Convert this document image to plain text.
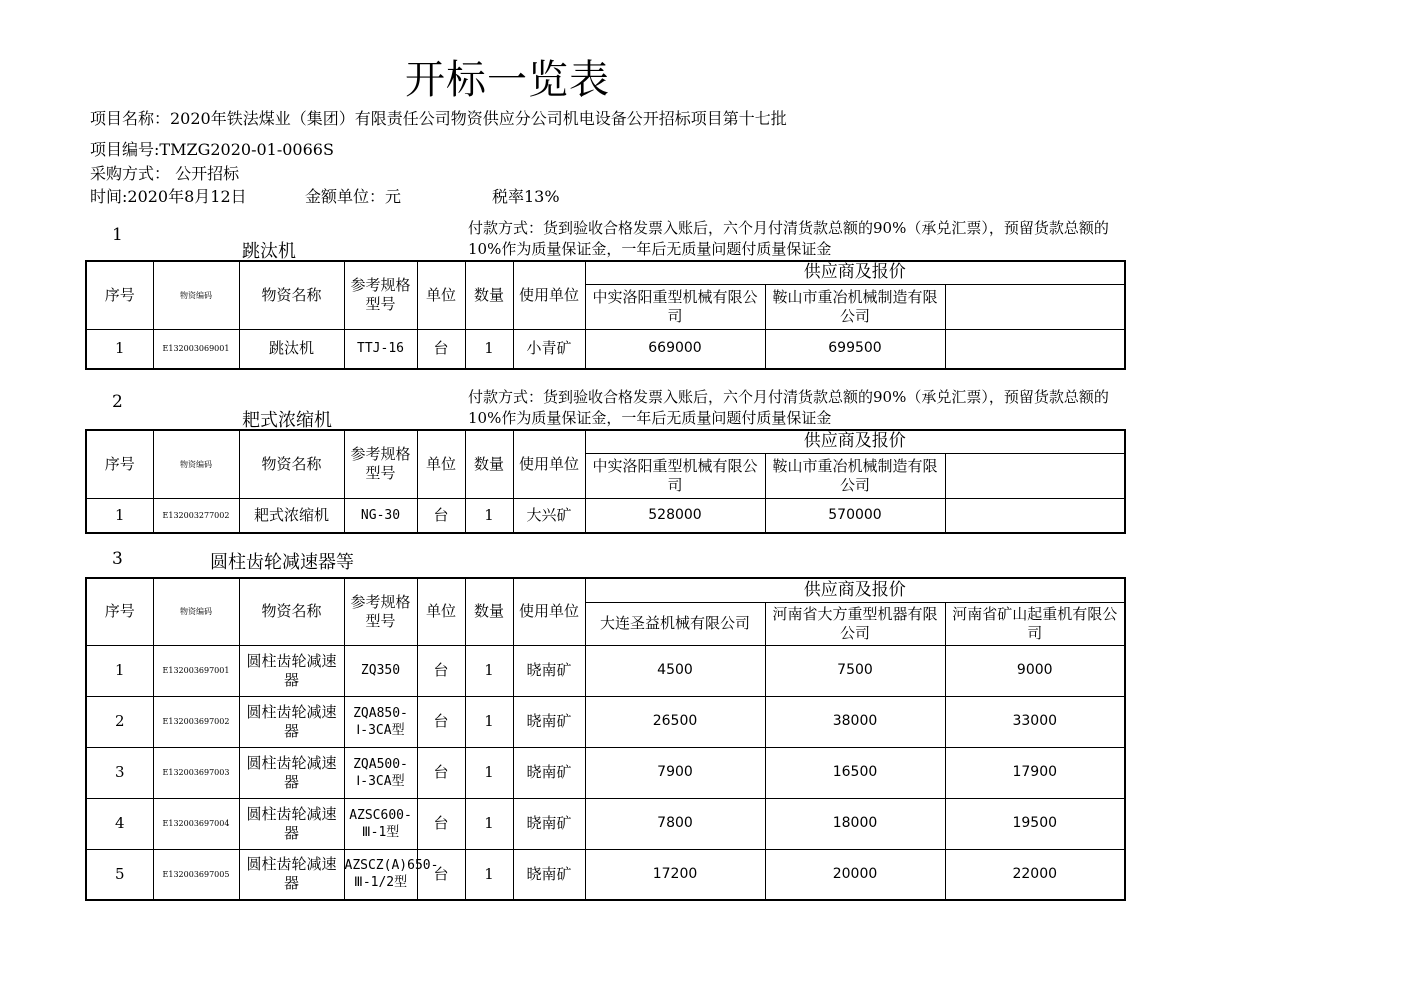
开标一览表
项目名称：2020年铁法煤业（集团）有限责任公司物资供应分公司机电设备公开招标项目第十七批
项目编号:TMZG2020-01-0066S
采购方式： 公开招标
时间:2020年8月12日	金额单位：元	税率13%
1
跳汰机
付款方式：货到验收合格发票入账后，六个月付清货款总额的90%（承兑汇票），预留货款总额的10%作为质量保证金，一年后无质量问题付质量保证金
序号	物资编码	物资名称	参考规格型号	单位	数量	使用单位	供应商及报价		
							中实洛阳重型机械有限公司	鞍山市重冶机械制造有限公司	
1	E132003069001	跳汰机	TTJ-16	台	1	小青矿	669000	699500	
2
耙式浓缩机
付款方式：货到验收合格发票入账后，六个月付清货款总额的90%（承兑汇票），预留货款总额的10%作为质量保证金，一年后无质量问题付质量保证金
序号	物资编码	物资名称	参考规格型号	单位	数量	使用单位	供应商及报价		
							中实洛阳重型机械有限公司	鞍山市重冶机械制造有限公司	
1	E132003277002	耙式浓缩机	NG-30	台	1	大兴矿	528000	570000	
3	圆柱齿轮减速器等
序号	物资编码	物资名称	参考规格型号	单位	数量	使用单位	供应商及报价		
							大连圣益机械有限公司	河南省大方重型机器有限公司	河南省矿山起重机有限公司
1	E132003697001	圆柱齿轮减速器	ZQ350	台	1	晓南矿	4500	7500	9000
2	E132003697002	圆柱齿轮减速器	ZQA850-Ⅰ-3CA型	台	1	晓南矿	26500	38000	33000
3	E132003697003	圆柱齿轮减速器	ZQA500-Ⅰ-3CA型	台	1	晓南矿	7900	16500	17900
4	E132003697004	圆柱齿轮减速器	AZSC600-Ⅲ-1型	台	1	晓南矿	7800	18000	19500
5	E132003697005	圆柱齿轮减速器	AZSCZ(A)650-Ⅲ-1/2型	台	1	晓南矿	17200	20000	22000
